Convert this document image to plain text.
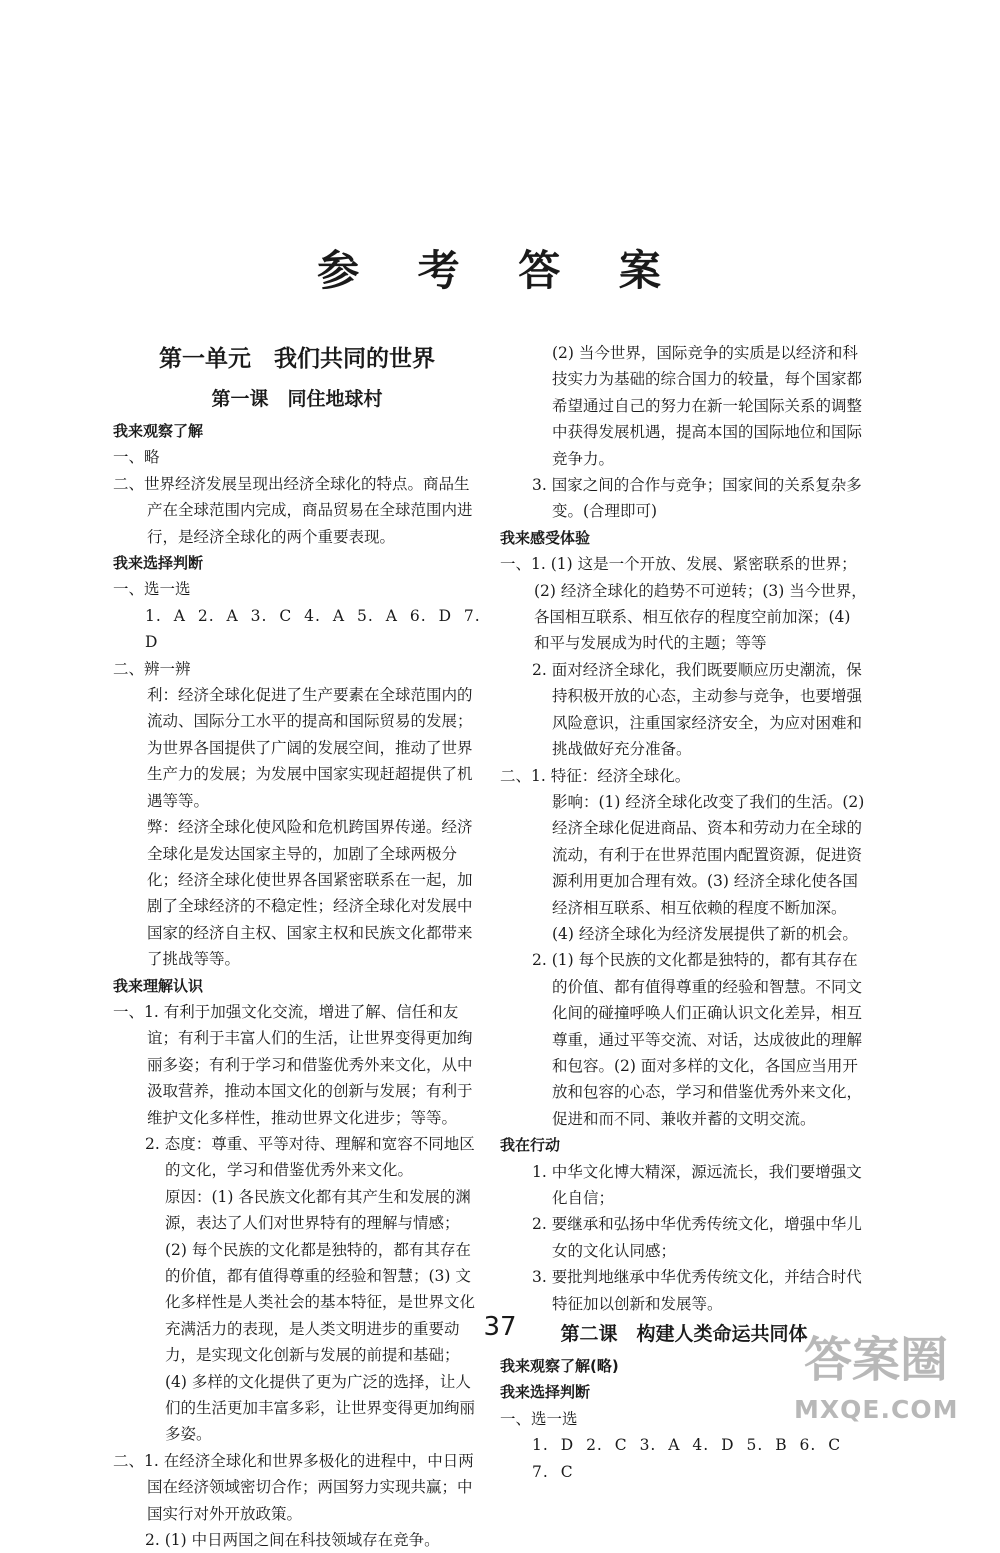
参 考 答 案
第一单元　我们共同的世界
第一课　同住地球村
我来观察了解

一、略

二、世界经济发展呈现出经济全球化的特点。商品生产在全球范围内完成，商品贸易在全球范围内进行，是经济全球化的两个重要表现。

我来选择判断

一、选一选

1. A 2. A 3. C 4. A 5. A 6. D 7. D

二、辨一辨

利：经济全球化促进了生产要素在全球范围内的流动、国际分工水平的提高和国际贸易的发展；为世界各国提供了广阔的发展空间，推动了世界生产力的发展；为发展中国家实现赶超提供了机遇等等。

弊：经济全球化使风险和危机跨国界传递。经济全球化是发达国家主导的，加剧了全球两极分化；经济全球化使世界各国紧密联系在一起，加剧了全球经济的不稳定性；经济全球化对发展中国家的经济自主权、国家主权和民族文化都带来了挑战等等。

我来理解认识

一、1. 有利于加强文化交流，增进了解、信任和友谊；有利于丰富人们的生活，让世界变得更加绚丽多姿；有利于学习和借鉴优秀外来文化，从中汲取营养，推动本国文化的创新与发展；有利于维护文化多样性，推动世界文化进步；等等。

2. 态度：尊重、平等对待、理解和宽容不同地区的文化，学习和借鉴优秀外来文化。

原因：(1) 各民族文化都有其产生和发展的渊源，表达了人们对世界特有的理解与情感；(2) 每个民族的文化都是独特的，都有其存在的价值，都有值得尊重的经验和智慧；(3) 文化多样性是人类社会的基本特征，是世界文化充满活力的表现，是人类文明进步的重要动力，是实现文化创新与发展的前提和基础；(4) 多样的文化提供了更为广泛的选择，让人们的生活更加丰富多彩，让世界变得更加绚丽多姿。

二、1. 在经济全球化和世界多极化的进程中，中日两国在经济领域密切合作；两国努力实现共赢；中国实行对外开放政策。

2. (1) 中日两国之间在科技领域存在竞争。

(2) 当今世界，国际竞争的实质是以经济和科技实力为基础的综合国力的较量，每个国家都希望通过自己的努力在新一轮国际关系的调整中获得发展机遇，提高本国的国际地位和国际竞争力。

3. 国家之间的合作与竞争；国家间的关系复杂多变。(合理即可)

我来感受体验

一、1. (1) 这是一个开放、发展、紧密联系的世界；(2) 经济全球化的趋势不可逆转；(3) 当今世界，各国相互联系、相互依存的程度空前加深；(4) 和平与发展成为时代的主题；等等

2. 面对经济全球化，我们既要顺应历史潮流，保持积极开放的心态，主动参与竞争，也要增强风险意识，注重国家经济安全，为应对困难和挑战做好充分准备。

二、1. 特征：经济全球化。

影响：(1) 经济全球化改变了我们的生活。(2) 经济全球化促进商品、资本和劳动力在全球的流动，有利于在世界范围内配置资源，促进资源利用更加合理有效。(3) 经济全球化使各国经济相互联系、相互依赖的程度不断加深。(4) 经济全球化为经济发展提供了新的机会。

2. (1) 每个民族的文化都是独特的，都有其存在的价值、都有值得尊重的经验和智慧。不同文化间的碰撞呼唤人们正确认识文化差异，相互尊重，通过平等交流、对话，达成彼此的理解和包容。(2) 面对多样的文化，各国应当用开放和包容的心态，学习和借鉴优秀外来文化，促进和而不同、兼收并蓄的文明交流。

我在行动

1. 中华文化博大精深，源远流长，我们要增强文化自信；

2. 要继承和弘扬中华优秀传统文化，增强中华儿女的文化认同感；

3. 要批判地继承中华优秀传统文化，并结合时代特征加以创新和发展等。

第二课　构建人类命运共同体
我来观察了解(略)
我来选择判断

一、选一选

1. D 2. C 3. A 4. D 5. B 6. C 7. C

37
答案圈
MXQE.COM
